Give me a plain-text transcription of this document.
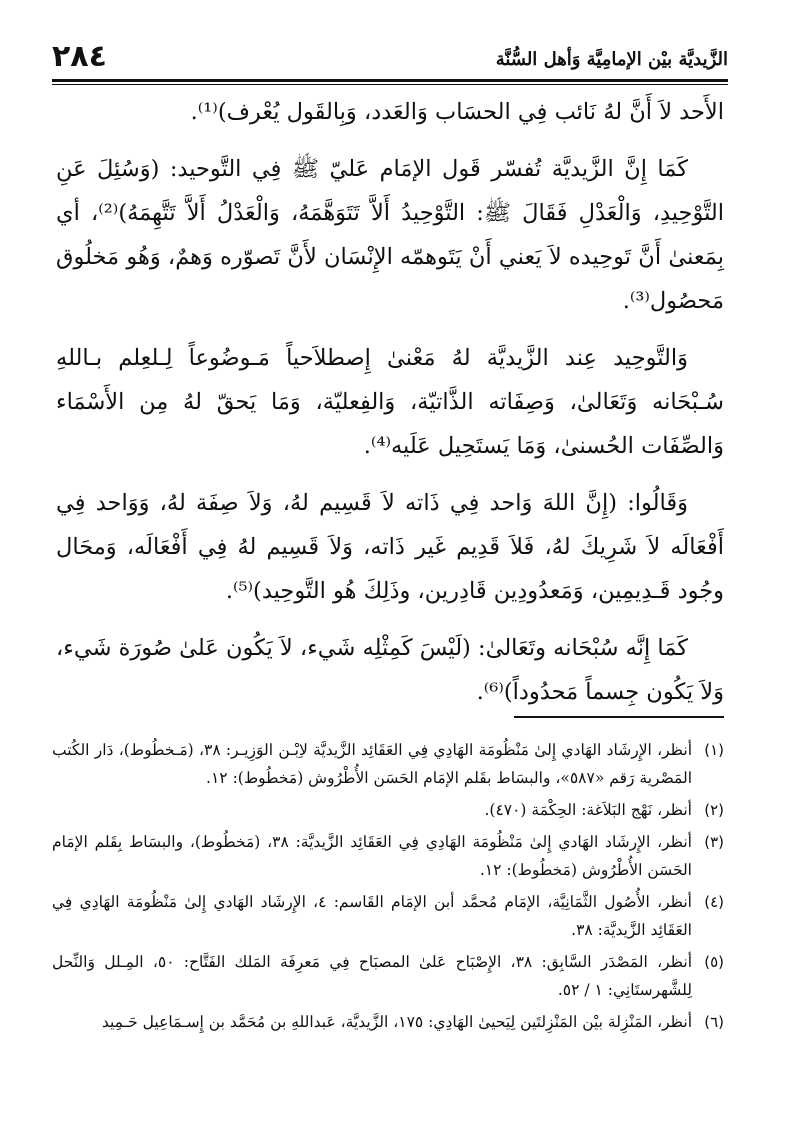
الزَّيديَّة بيْن الإمامِيَّة وَأهل السُّنَّة
٢٨٤

الأَحد لاَ أَنَّ لهُ نَائب فِي الحسَاب وَالعَدد، وَبِالقَول يُعْرف)⁽¹⁾.

كَمَا إِنَّ الزَّيديَّة تُفسّر قَول الإمَام عَليّ ﷺ فِي التَّوحيد: (وَسُئِلَ عَنِ التَّوْحِيدِ، وَالْعَدْلِ فَقَالَ ﷺ: التَّوْحِيدُ أَلاَّ تَتَوَهَّمَهُ، وَالْعَدْلُ أَلاَّ تَتَّهِمَهُ)⁽²⁾، أي بِمَعنىٰ أَنَّ تَوحِيده لاَ يَعني أَنْ يَتَوهمّه الإِنْسَان لأَنَّ تَصوّره وَهمٌ، وَهُو مَخلُوق مَحصُول⁽³⁾.

وَالتَّوحِيد عِند الزَّيديَّة لهُ مَعْنىٰ إِصطلاَحياً مَـوضُوعاً لِـلعِلم بـاللهِ سُـبْحَانه وَتَعَالىٰ، وَصِفَاته الذَّاتيّة، وَالفِعليّة، وَمَا يَحقّ لهُ مِن الأَسْمَاء وَالصِّفَات الحُسنىٰ، وَمَا يَستَحِيل عَلَيه⁽⁴⁾.

وَقَالُوا: (إِنَّ اللهَ وَاحد فِي ذَاته لاَ قَسِيم لهُ، وَلاَ صِفَة لهُ، وَوَاحد فِي أَفْعَالَه لاَ شَرِيكَ لهُ، فَلاَ قَدِيم غَير ذَاته، وَلاَ قَسِيم لهُ فِي أَفْعَالَه، وَمحَال وجُود قَـدِيمِين، وَمَعدُودِين قَادِرين، وذَلِكَ هُو التَّوحِيد)⁽⁵⁾.

كَمَا إِنَّه سُبْحَانه وتَعَالىٰ: (لَيْسَ كَمِثْلِه شَيء، لاَ يَكُون عَلىٰ صُورَة شَيء، وَلاَ يَكُون جِسماً مَحدُوداً)⁽⁶⁾.

(١)
أنظر، الإِرشَاد الهَادي إِلىٰ مَنْظُومَة الهَادِي فِي العَقَائِد الزَّيديَّة لاِبْـن الوَزِيـر: ٣٨، (مَـخطُوط)، دَار الكُتب المَصْرية رَقم «٥٨٧»، والبسَاط بقَلم الإمَام الحَسَن الأُطْرُوش (مَخطُوط): ١٢.
(٢)
أنظر، نَهْج البَلاَغة: الحِكْمَة (٤٧٠).
(٣)
أنظر، الإِرشَاد الهَادي إِلىٰ مَنْظُومَة الهَادِي فِي العَقَائِد الزَّيديَّة: ٣٨، (مَخطُوط)، والبسَاط بِقَلم الإمَام الحَسَن الأُطْرُوش (مَخطُوط): ١٢.
(٤)
أنظر، الأُصُول الثَّمَانِيَّة، الإمَام مُحمَّد أبن الإمَام القَاسم: ٤، الإِرشَاد الهَادي إِلىٰ مَنْظُومَة الهَادِي فِي العَقَائِد الزَّيديَّة: ٣٨.
(٥)
أنظر، المَصْدَر السَّابِق: ٣٨، الإِصْبَاح عَلىٰ المصبَاح فِي مَعرِفَة المَلك الفَتَّاح: ٥٠، المِـلل وَالنِّحل لِلشَّهرستَانِي: ١ / ٥٢.
(٦)
أنظر، المَنْزِلة بيْن المَنْزِلتَين لِيَحيىٰ الهَادِي: ١٧٥، الزَّيديَّة، عَبداللهِ بن مُحَمَّد بن إِسـمَاعِيل حَـمِيد
